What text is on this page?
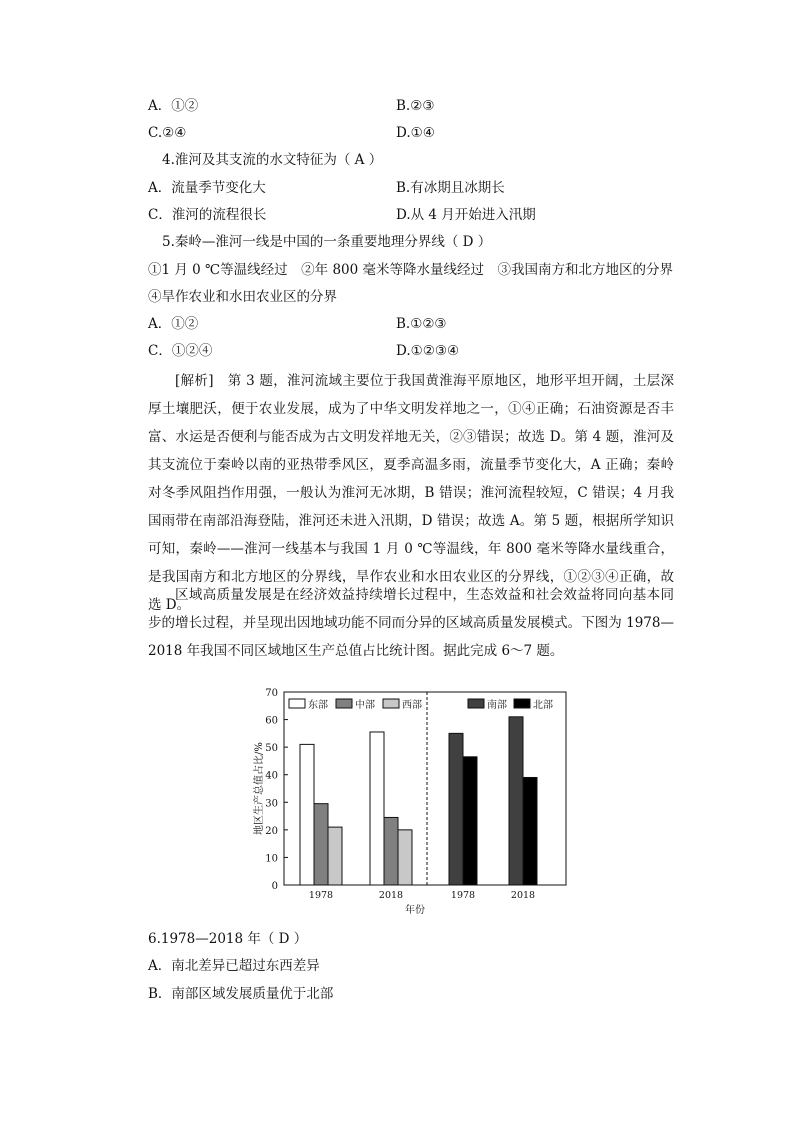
A．①②	B.②③
C.②④	D.①④
4.淮河及其支流的水文特征为（ A ）
A．流量季节变化大	B.有冰期且冰期长
C．淮河的流程很长	D.从 4 月开始进入汛期
5.秦岭—淮河一线是中国的一条重要地理分界线（ D ）
①1 月 0 ℃等温线经过　②年 800 毫米等降水量线经过　③我国南方和北方地区的分界
④旱作农业和水田农业区的分界
A．①②	B.①②③
C．①②④	D.①②③④
[解析]　第 3 题，淮河流域主要位于我国黄淮海平原地区，地形平坦开阔，土层深厚土壤肥沃，便于农业发展，成为了中华文明发祥地之一，①④正确；石油资源是否丰富、水运是否便利与能否成为古文明发祥地无关，②③错误；故选 D。第 4 题，淮河及其支流位于秦岭以南的亚热带季风区，夏季高温多雨，流量季节变化大，A 正确；秦岭对冬季风阻挡作用强，一般认为淮河无冰期，B 错误；淮河流程较短，C 错误；4 月我国雨带在南部沿海登陆，淮河还未进入汛期，D 错误；故选 A。第 5 题，根据所学知识可知，秦岭——淮河一线基本与我国 1 月 0 ℃等温线，年 800 毫米等降水量线重合，是我国南方和北方地区的分界线，旱作农业和水田农业区的分界线，①②③④正确，故选 D。
区域高质量发展是在经济效益持续增长过程中，生态效益和社会效益将同向基本同步的增长过程，并呈现出因地域功能不同而分异的区域高质量发展模式。下图为 1978—2018 年我国不同区域地区生产总值占比统计图。据此完成 6～7 题。
0
10
20
30
40
50
60
70
地区生产总值占比/%
年份
1978	2018	1978	2018
东部	中部	西部	南部	北部
6.1978—2018 年（ D ）
A．南北差异已超过东西差异
B．南部区域发展质量优于北部
